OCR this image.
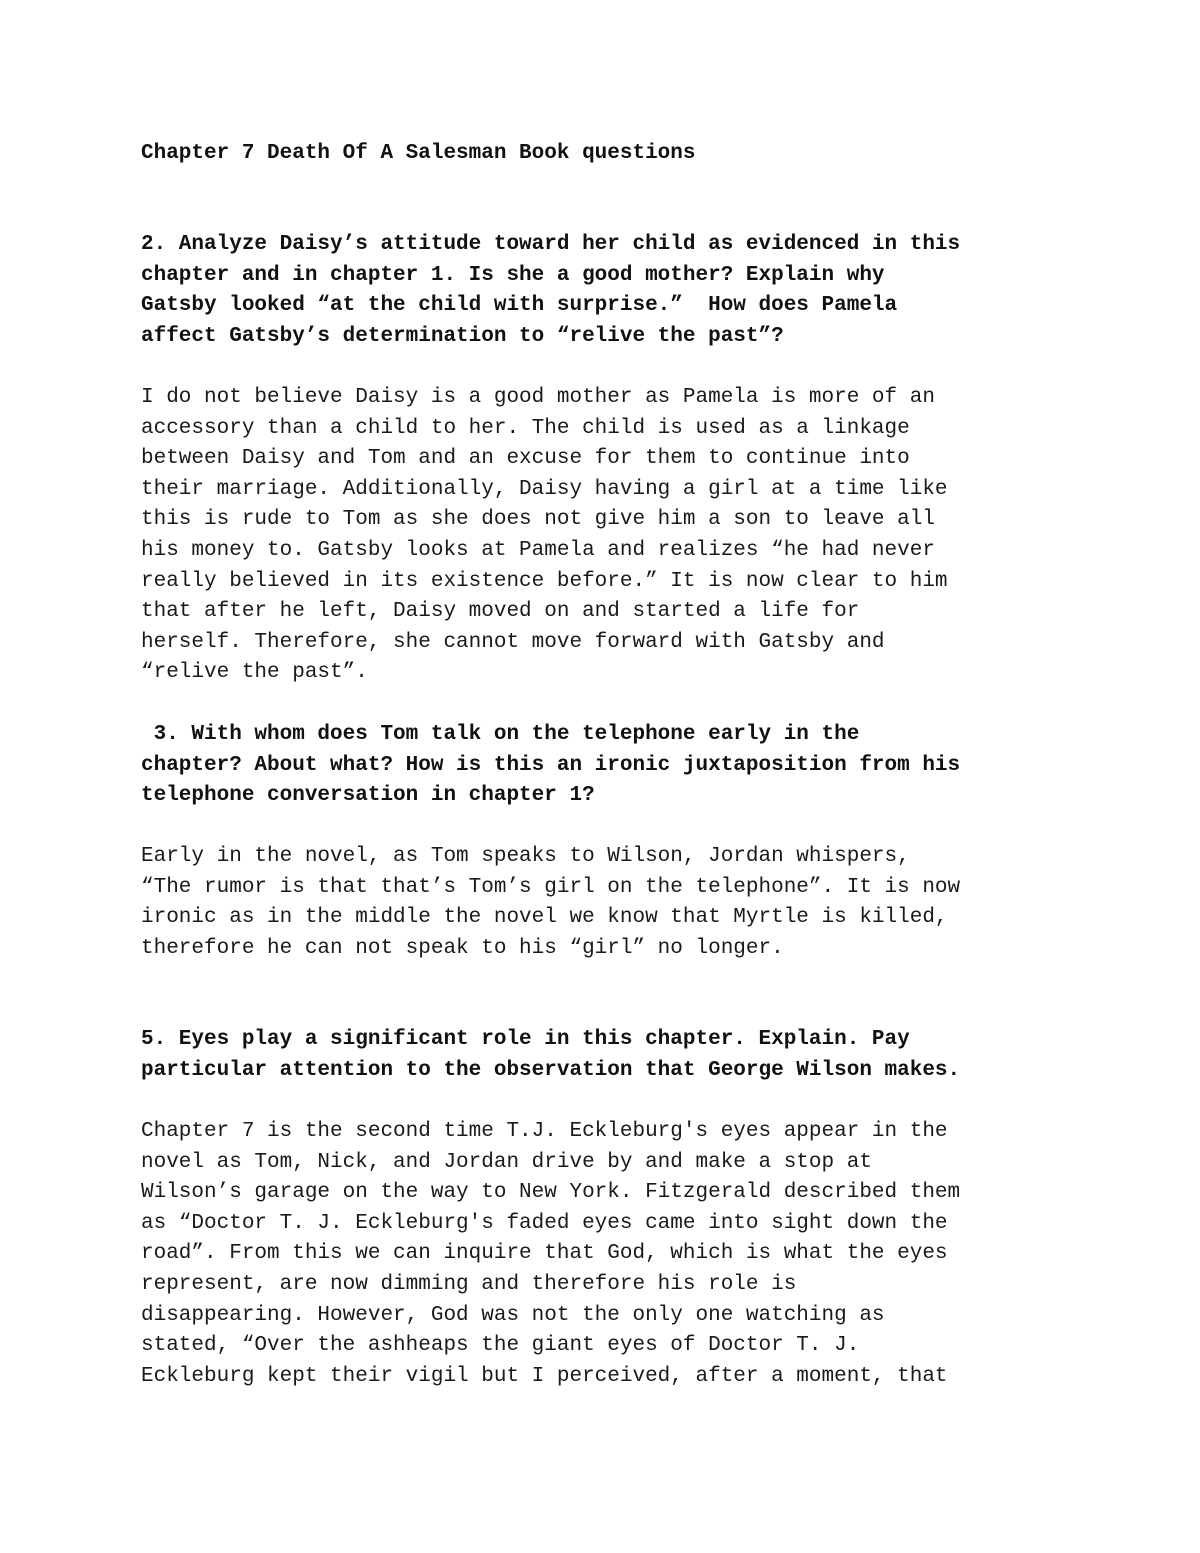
Chapter 7 Death Of A Salesman Book questions
2. Analyze Daisy’s attitude toward her child as evidenced in this
chapter and in chapter 1. Is she a good mother? Explain why
Gatsby looked “at the child with surprise.”  How does Pamela
affect Gatsby’s determination to “relive the past”?
I do not believe Daisy is a good mother as Pamela is more of an
accessory than a child to her. The child is used as a linkage
between Daisy and Tom and an excuse for them to continue into
their marriage. Additionally, Daisy having a girl at a time like
this is rude to Tom as she does not give him a son to leave all
his money to. Gatsby looks at Pamela and realizes “he had never
really believed in its existence before.” It is now clear to him
that after he left, Daisy moved on and started a life for
herself. Therefore, she cannot move forward with Gatsby and
“relive the past”.
3. With whom does Tom talk on the telephone early in the
chapter? About what? How is this an ironic juxtaposition from his
telephone conversation in chapter 1?
Early in the novel, as Tom speaks to Wilson, Jordan whispers,
“The rumor is that that’s Tom’s girl on the telephone”. It is now
ironic as in the middle the novel we know that Myrtle is killed,
therefore he can not speak to his “girl” no longer.
5. Eyes play a significant role in this chapter. Explain. Pay
particular attention to the observation that George Wilson makes.
Chapter 7 is the second time T.J. Eckleburg's eyes appear in the
novel as Tom, Nick, and Jordan drive by and make a stop at
Wilson’s garage on the way to New York. Fitzgerald described them
as “Doctor T. J. Eckleburg's faded eyes came into sight down the
road”. From this we can inquire that God, which is what the eyes
represent, are now dimming and therefore his role is
disappearing. However, God was not the only one watching as
stated, “Over the ashheaps the giant eyes of Doctor T. J.
Eckleburg kept their vigil but I perceived, after a moment, that
